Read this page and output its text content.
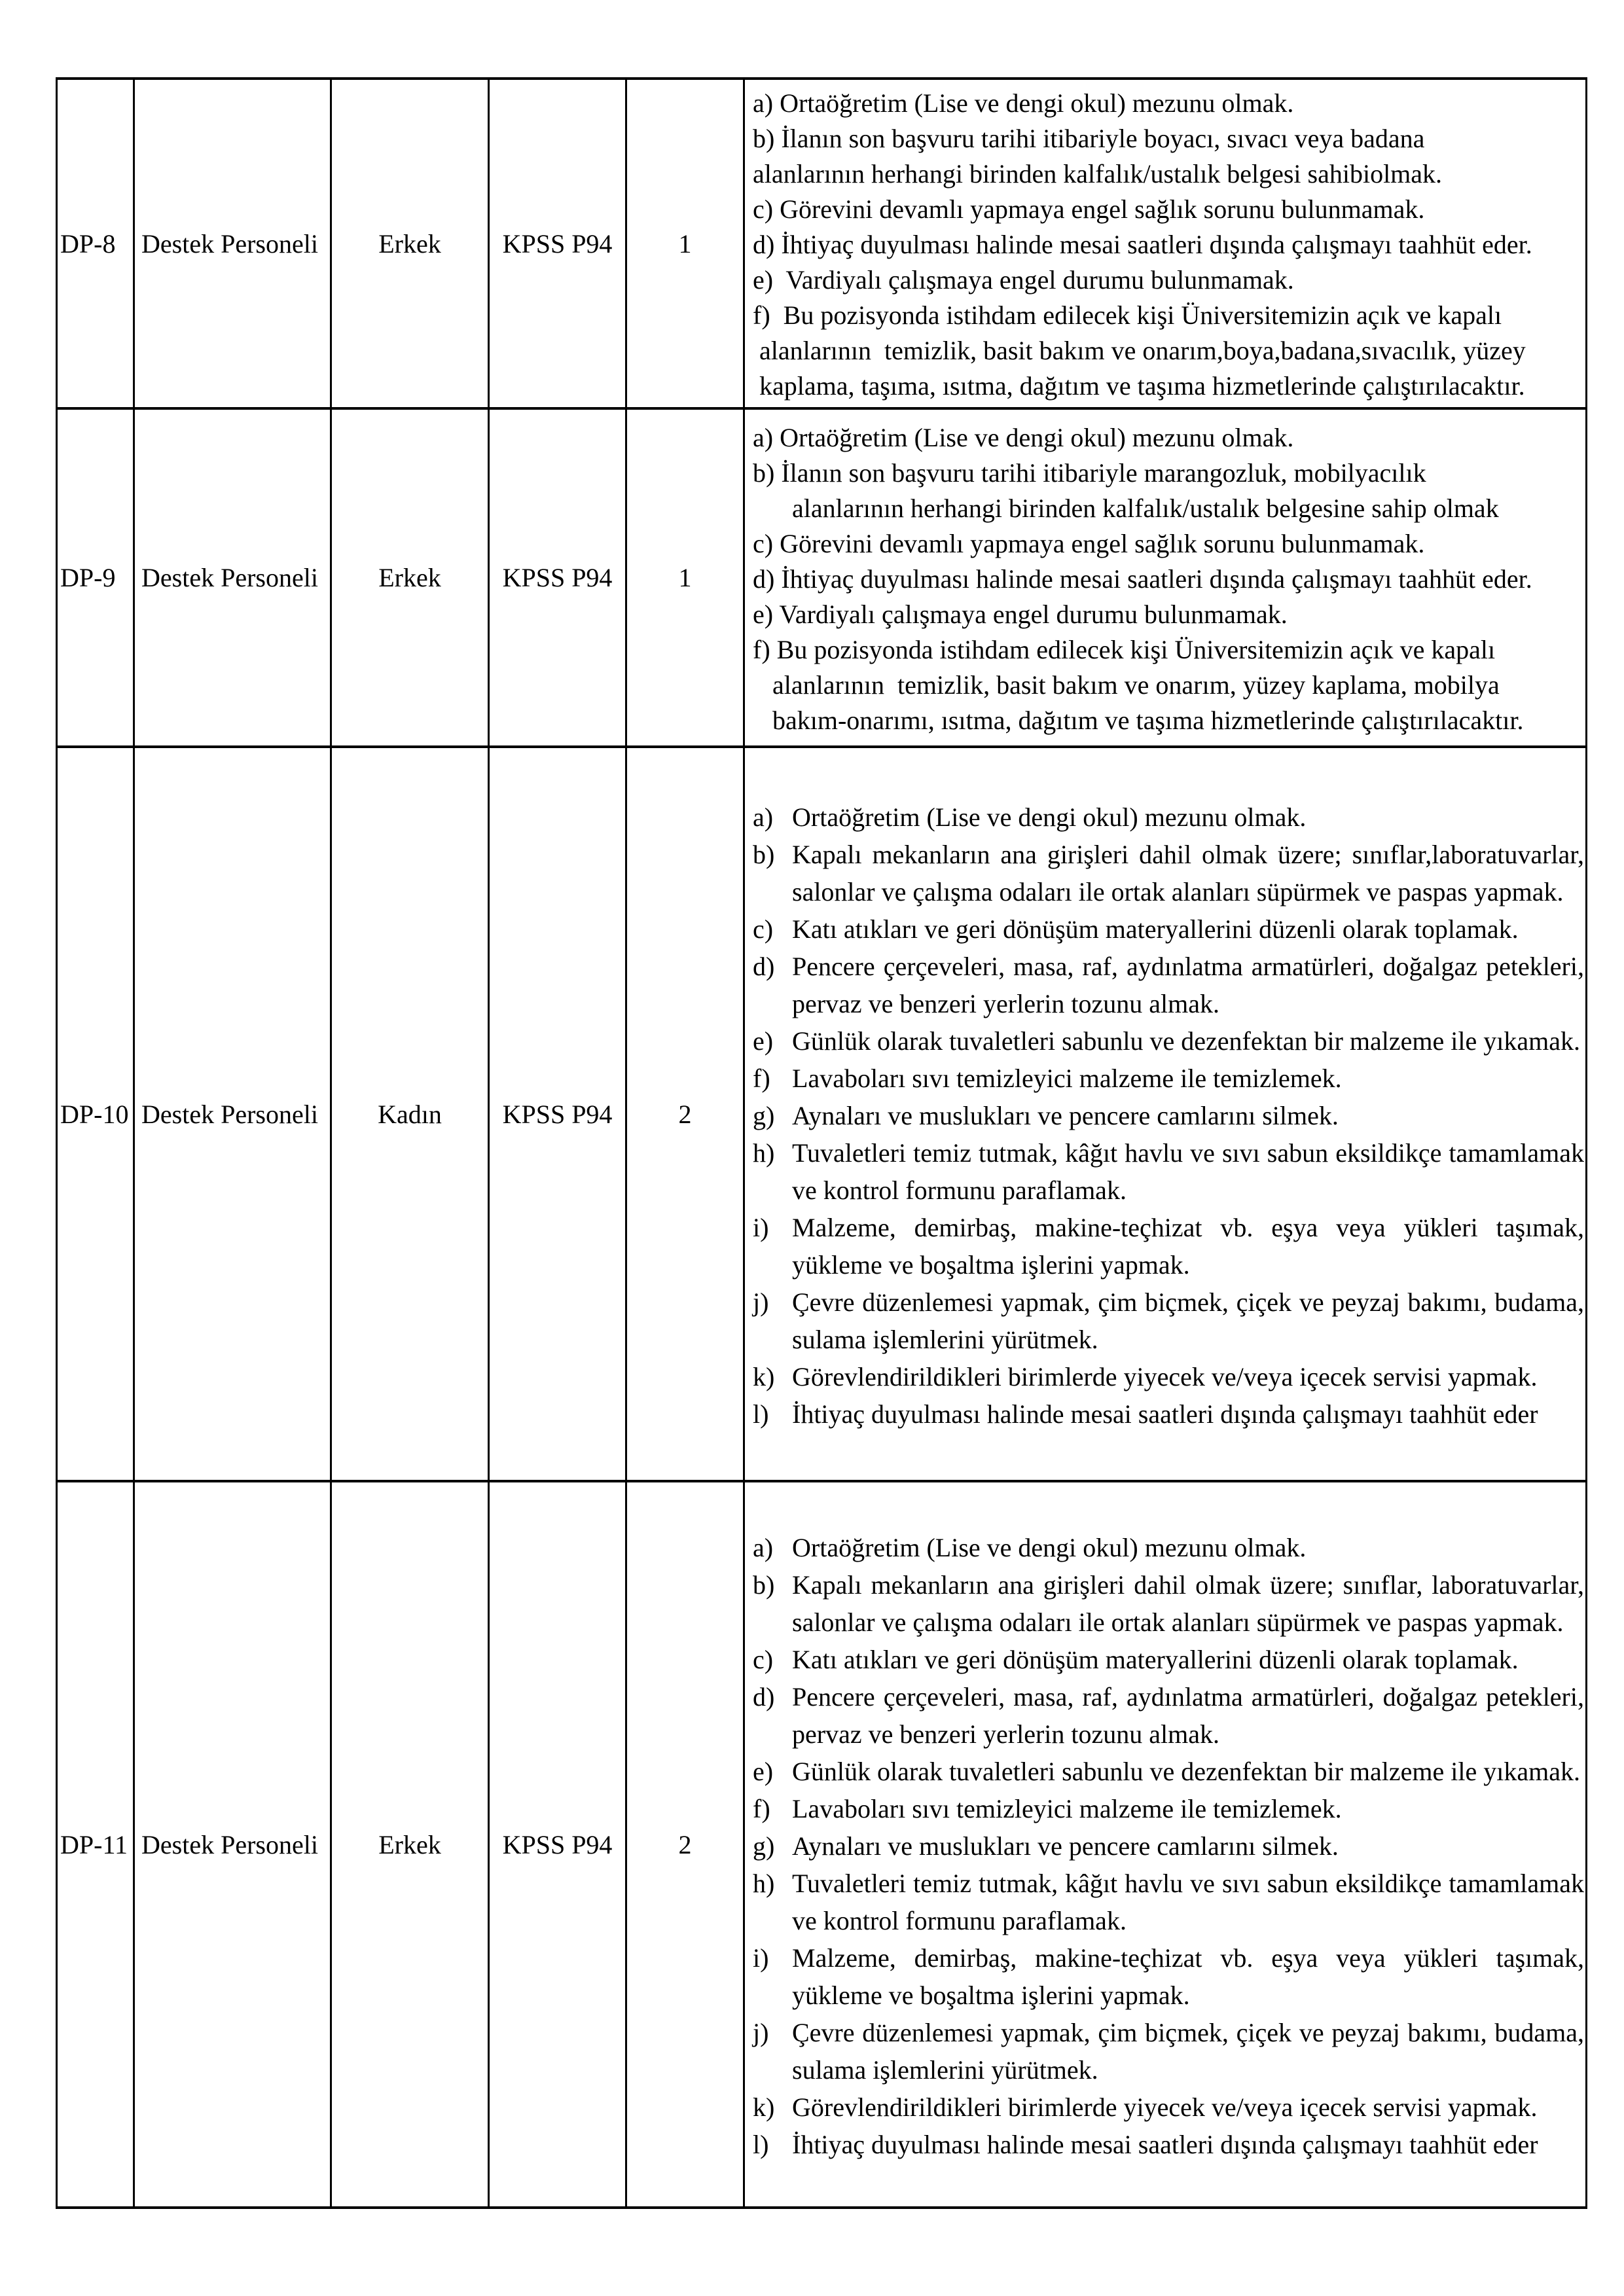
DP-8	Destek Personeli	Erkek	KPSS P94	1	
a) Ortaöğretim (Lise ve dengi okul) mezunu olmak.
b) İlanın son başvuru tarihi itibariyle boyacı, sıvacı veya badana
alanlarının herhangi birinden kalfalık/ustalık belgesi sahibiolmak.
c) Görevini devamlı yapmaya engel sağlık sorunu bulunmamak.
d) İhtiyaç duyulması halinde mesai saatleri dışında çalışmayı taahhüt eder.
e)  Vardiyalı çalışmaya engel durumu bulunmamak.
f)  Bu pozisyonda istihdam edilecek kişi Üniversitemizin açık ve kapalı
alanlarının  temizlik, basit bakım ve onarım,boya,badana,sıvacılık, yüzey
kaplama, taşıma, ısıtma, dağıtım ve taşıma hizmetlerinde çalıştırılacaktır.

DP-9	Destek Personeli	Erkek	KPSS P94	1	
a) Ortaöğretim (Lise ve dengi okul) mezunu olmak.
b) İlanın son başvuru tarihi itibariyle marangozluk, mobilyacılık
alanlarının herhangi birinden kalfalık/ustalık belgesine sahip olmak
c) Görevini devamlı yapmaya engel sağlık sorunu bulunmamak.
d) İhtiyaç duyulması halinde mesai saatleri dışında çalışmayı taahhüt eder.
e) Vardiyalı çalışmaya engel durumu bulunmamak.
f) Bu pozisyonda istihdam edilecek kişi Üniversitemizin açık ve kapalı
alanlarının  temizlik, basit bakım ve onarım, yüzey kaplama, mobilya
bakım-onarımı, ısıtma, dağıtım ve taşıma hizmetlerinde çalıştırılacaktır.

DP-10	Destek Personeli	Kadın	KPSS P94	2	
a) Ortaöğretim (Lise ve dengi okul) mezunu olmak.
b) Kapalı mekanların ana girişleri dahil olmak üzere; sınıflar,laboratuvarlar, salonlar ve çalışma odaları ile ortak alanları süpürmek ve paspas yapmak.
c) Katı atıkları ve geri dönüşüm materyallerini düzenli olarak toplamak.
d) Pencere çerçeveleri, masa, raf, aydınlatma armatürleri, doğalgaz petekleri, pervaz ve benzeri yerlerin tozunu almak.
e) Günlük olarak tuvaletleri sabunlu ve dezenfektan bir malzeme ile yıkamak.
f) Lavaboları sıvı temizleyici malzeme ile temizlemek.
g) Aynaları ve muslukları ve pencere camlarını silmek.
h) Tuvaletleri temiz tutmak, kâğıt havlu ve sıvı sabun eksildikçe tamamlamak ve kontrol formunu paraflamak.
i) Malzeme, demirbaş, makine-teçhizat vb. eşya veya yükleri taşımak, yükleme ve boşaltma işlerini yapmak.
j) Çevre düzenlemesi yapmak, çim biçmek, çiçek ve peyzaj bakımı, budama, sulama işlemlerini yürütmek.
k) Görevlendirildikleri birimlerde yiyecek ve/veya içecek servisi yapmak.
l) İhtiyaç duyulması halinde mesai saatleri dışında çalışmayı taahhüt eder

DP-11	Destek Personeli	Erkek	KPSS P94	2	
a) Ortaöğretim (Lise ve dengi okul) mezunu olmak.
b) Kapalı mekanların ana girişleri dahil olmak üzere; sınıflar, laboratuvarlar, salonlar ve çalışma odaları ile ortak alanları süpürmek ve paspas yapmak.
c) Katı atıkları ve geri dönüşüm materyallerini düzenli olarak toplamak.
d) Pencere çerçeveleri, masa, raf, aydınlatma armatürleri, doğalgaz petekleri, pervaz ve benzeri yerlerin tozunu almak.
e) Günlük olarak tuvaletleri sabunlu ve dezenfektan bir malzeme ile yıkamak.
f) Lavaboları sıvı temizleyici malzeme ile temizlemek.
g) Aynaları ve muslukları ve pencere camlarını silmek.
h) Tuvaletleri temiz tutmak, kâğıt havlu ve sıvı sabun eksildikçe tamamlamak ve kontrol formunu paraflamak.
i) Malzeme, demirbaş, makine-teçhizat vb. eşya veya yükleri taşımak, yükleme ve boşaltma işlerini yapmak.
j) Çevre düzenlemesi yapmak, çim biçmek, çiçek ve peyzaj bakımı, budama, sulama işlemlerini yürütmek.
k) Görevlendirildikleri birimlerde yiyecek ve/veya içecek servisi yapmak.
l) İhtiyaç duyulması halinde mesai saatleri dışında çalışmayı taahhüt eder
